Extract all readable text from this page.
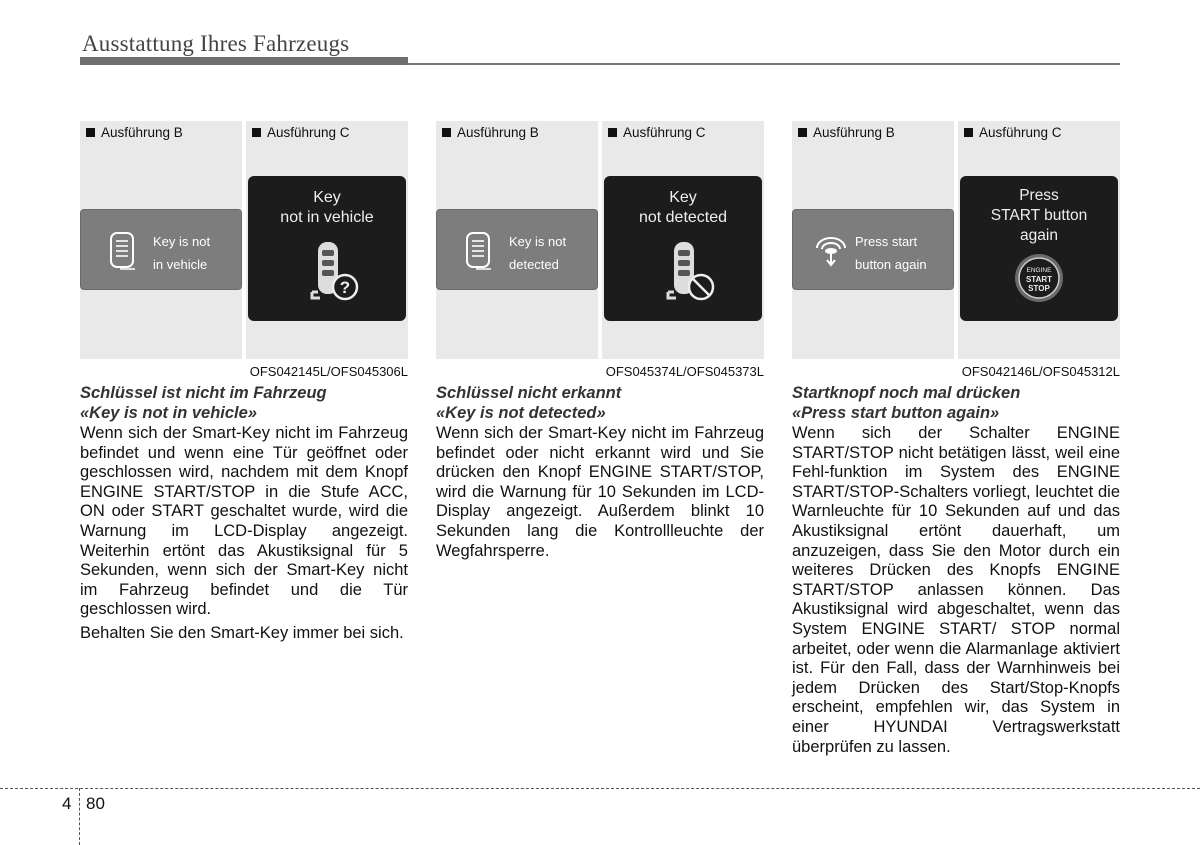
Ausstattung Ihres Fahrzeugs
Ausführung B
Key is not
in vehicle
Ausführung C
Key
not in vehicle
?
OFS042145L/OFS045306L
Schlüssel ist nicht im Fahrzeug
«Key is not in vehicle»

Wenn sich der Smart-Key nicht im Fahrzeug befindet und wenn eine Tür geöffnet oder geschlossen wird, nachdem mit dem Knopf ENGINE START/STOP in die Stufe ACC, ON oder START geschaltet wurde, wird die Warnung im LCD-Display angezeigt. Weiterhin ertönt das Akustiksignal für 5 Sekunden, wenn sich der Smart-Key nicht im Fahrzeug befindet und die Tür geschlossen wird.

Behalten Sie den Smart-Key immer bei sich.

Ausführung B
Key is not
detected
Ausführung C
Key
not detected
OFS045374L/OFS045373L
Schlüssel nicht erkannt
«Key is not detected»

Wenn sich der Smart-Key nicht im Fahrzeug befindet oder nicht erkannt wird und Sie drücken den Knopf ENGINE START/STOP, wird die Warnung für 10 Sekunden im LCD-Display angezeigt. Außerdem blinkt 10 Sekunden lang die Kontrollleuchte der Wegfahrsperre.

Ausführung B
Press start
button again
Ausführung C
Press
START button
again
ENGINE
START
STOP
OFS042146L/OFS045312L
Startknopf noch mal drücken
«Press start button again»

Wenn sich der Schalter ENGINE START/STOP nicht betätigen lässt, weil eine Fehl-funktion im System des ENGINE START/STOP-Schalters vorliegt, leuchtet die Warnleuchte für 10 Sekunden auf und das Akustiksignal ertönt dauerhaft, um anzuzeigen, dass Sie den Motor durch ein weiteres Drücken des Knopfs ENGINE START/STOP anlassen können. Das Akustiksignal wird abgeschaltet, wenn das System ENGINE START/ STOP normal arbeitet, oder wenn die Alarmanlage aktiviert ist. Für den Fall, dass der Warnhinweis bei jedem Drücken des Start/Stop-Knopfs erscheint, empfehlen wir, das System in einer HYUNDAI Vertragswerkstatt überprüfen zu lassen.

4 80
